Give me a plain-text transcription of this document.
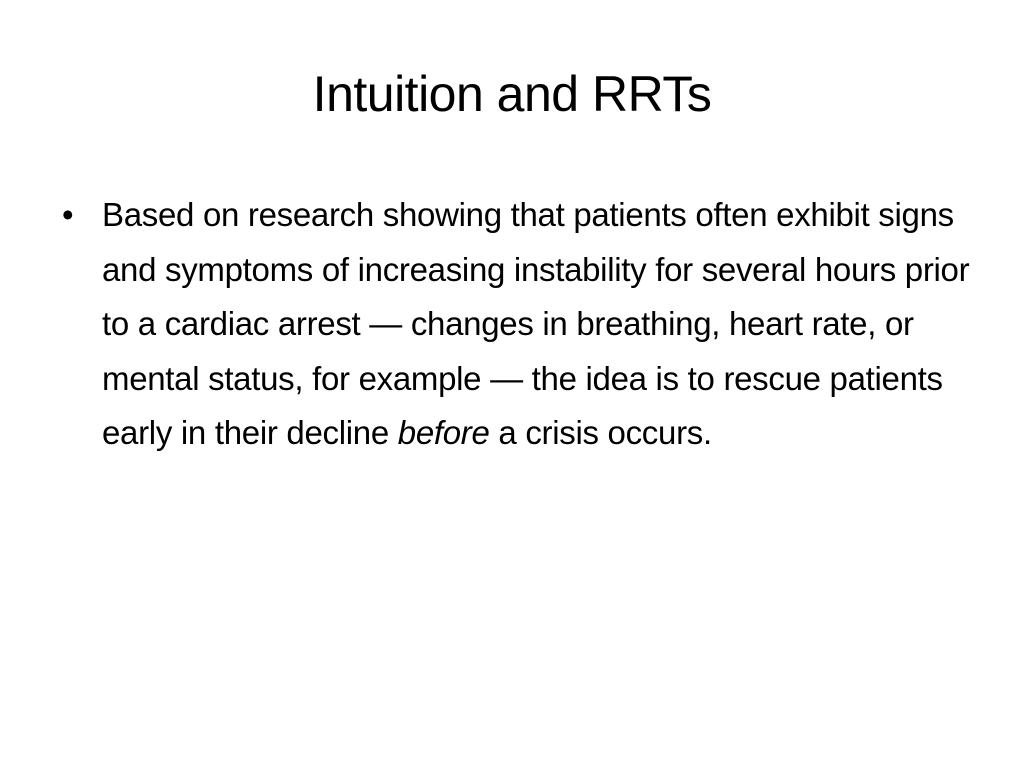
Intuition and RRTs
• Based on research showing that patients often exhibit signs and symptoms of increasing instability for several hours prior to a cardiac arrest — changes in breathing, heart rate, or mental status, for example — the idea is to rescue patients early in their decline before a crisis occurs.
